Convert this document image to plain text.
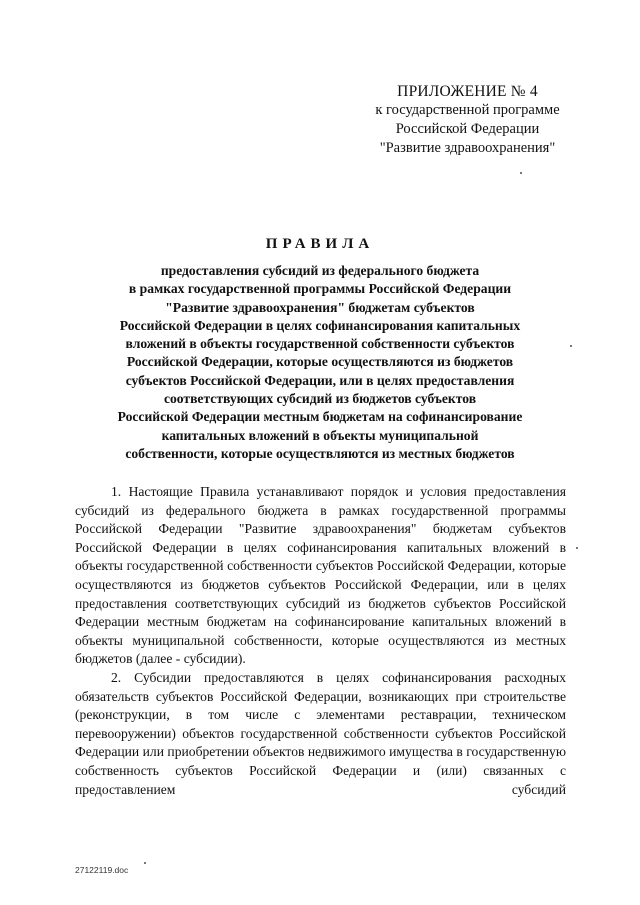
ПРИЛОЖЕНИЕ № 4
к государственной программе
Российской Федерации
"Развитие здравоохранения"
ПРАВИЛА
предоставления субсидий из федерального бюджета
в рамках государственной программы Российской Федерации
"Развитие здравоохранения" бюджетам субъектов
Российской Федерации в целях софинансирования капитальных
вложений в объекты государственной собственности субъектов
Российской Федерации, которые осуществляются из бюджетов
субъектов Российской Федерации, или в целях предоставления
соответствующих субсидий из бюджетов субъектов
Российской Федерации местным бюджетам на софинансирование
капитальных вложений в объекты муниципальной
собственности, которые осуществляются из местных бюджетов

1. Настоящие Правила устанавливают порядок и условия предоставления субсидий из федерального бюджета в рамках государственной программы Российской Федерации "Развитие здравоохранения" бюджетам субъектов Российской Федерации в целях софинансирования капитальных вложений в объекты государственной собственности субъектов Российской Федерации, которые осуществляются из бюджетов субъектов Российской Федерации, или в целях предоставления соответствующих субсидий из бюджетов субъектов Российской Федерации местным бюджетам на софинансирование капитальных вложений в объекты муниципальной собственности, которые осуществляются из местных бюджетов (далее - субсидии).

2. Субсидии предоставляются в целях софинансирования расходных обязательств субъектов Российской Федерации, возникающих при строительстве (реконструкции, в том числе с элементами реставрации, техническом перевооружении) объектов государственной собственности субъектов Российской Федерации или приобретении объектов недвижимого имущества в государственную собственность субъектов Российской Федерации и (или) связанных с предоставлением субсидий

27122119.doc
